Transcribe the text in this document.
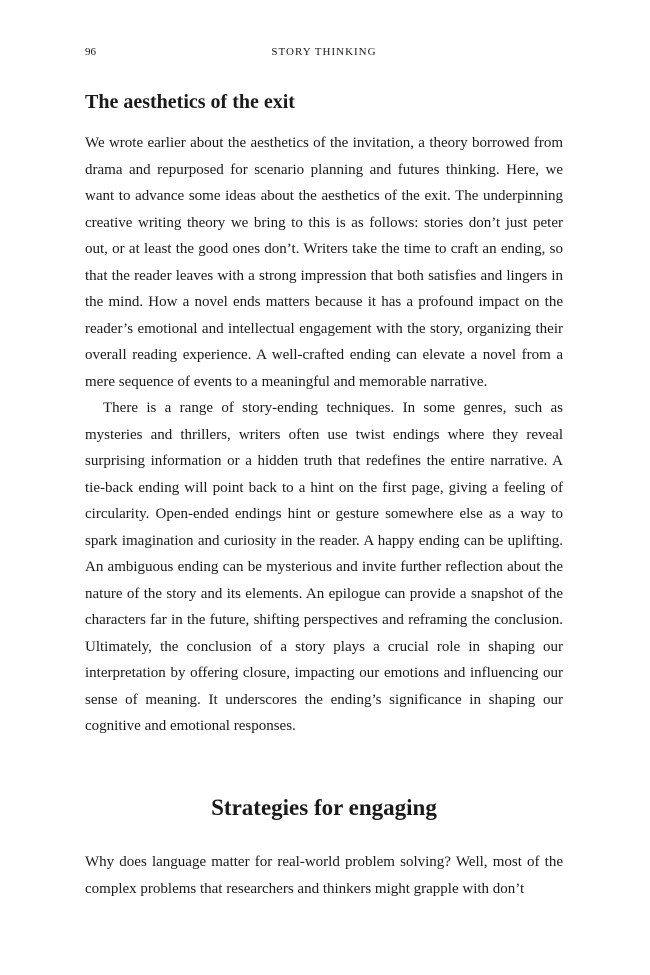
96	STORY THINKING
The aesthetics of the exit

We wrote earlier about the aesthetics of the invitation, a theory borrowed from drama and repurposed for scenario planning and futures thinking. Here, we want to advance some ideas about the aesthetics of the exit. The underpinning creative writing theory we bring to this is as follows: stories don’t just peter out, or at least the good ones don’t. Writers take the time to craft an ending, so that the reader leaves with a strong impression that both satisfies and lingers in the mind. How a novel ends matters because it has a profound impact on the reader’s emotional and intellectual engagement with the story, organizing their overall reading experience. A well-crafted ending can elevate a novel from a mere sequence of events to a meaningful and memorable narrative.

There is a range of story-ending techniques. In some genres, such as mysteries and thrillers, writers often use twist endings where they reveal surprising information or a hidden truth that redefines the entire narrative. A tie-back ending will point back to a hint on the first page, giving a feeling of circularity. Open-ended endings hint or gesture somewhere else as a way to spark imagination and curiosity in the reader. A happy ending can be uplifting. An ambiguous ending can be mysterious and invite further reflection about the nature of the story and its elements. An epilogue can provide a snapshot of the characters far in the future, shifting perspectives and reframing the conclusion. Ultimately, the conclusion of a story plays a crucial role in shaping our interpretation by offering closure, impacting our emotions and influencing our sense of meaning. It underscores the ending’s significance in shaping our cognitive and emotional responses.

Strategies for engaging

Why does language matter for real-world problem solving? Well, most of the complex problems that researchers and thinkers might grapple with don’t
